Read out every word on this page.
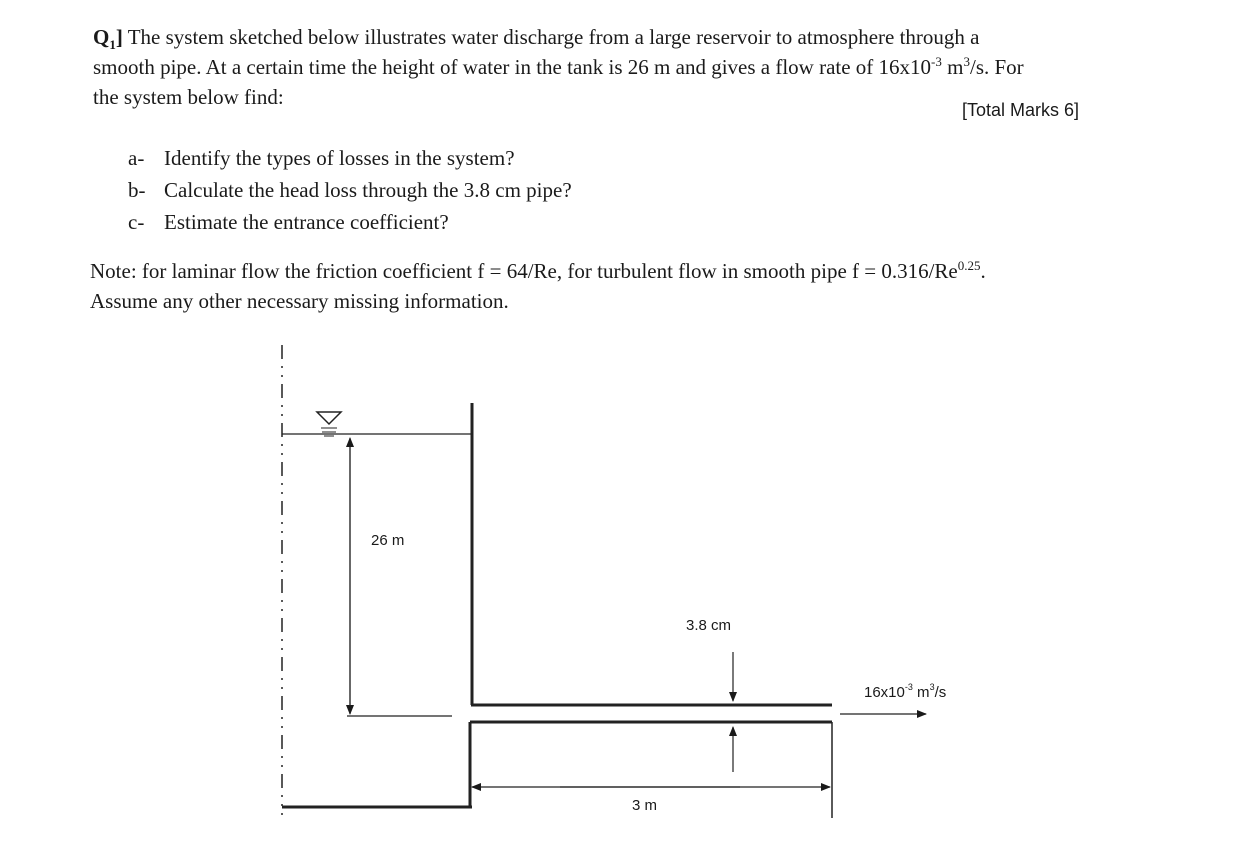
$Q_1$] The system sketched below illustrates water discharge from a large reservoir to atmosphere through a
smooth pipe. At a certain time the height of water in the tank is 26 m and gives a flow rate of $16x10^{-3}$ $m^3/s$. For
the system below find:
[Total Marks 6]
a- Identify the types of losses in the system?
b- Calculate the head loss through the 3.8 cm pipe?
c- Estimate the entrance coefficient?
Note: for laminar flow the friction coefficient f = 64/Re, for turbulent flow in smooth pipe $f = 0.316/Re^{0.25}$.
Assume any other necessary missing information.
26 m
3.8 cm
3 m
$16x10^{-3}$ $m^3/s$
